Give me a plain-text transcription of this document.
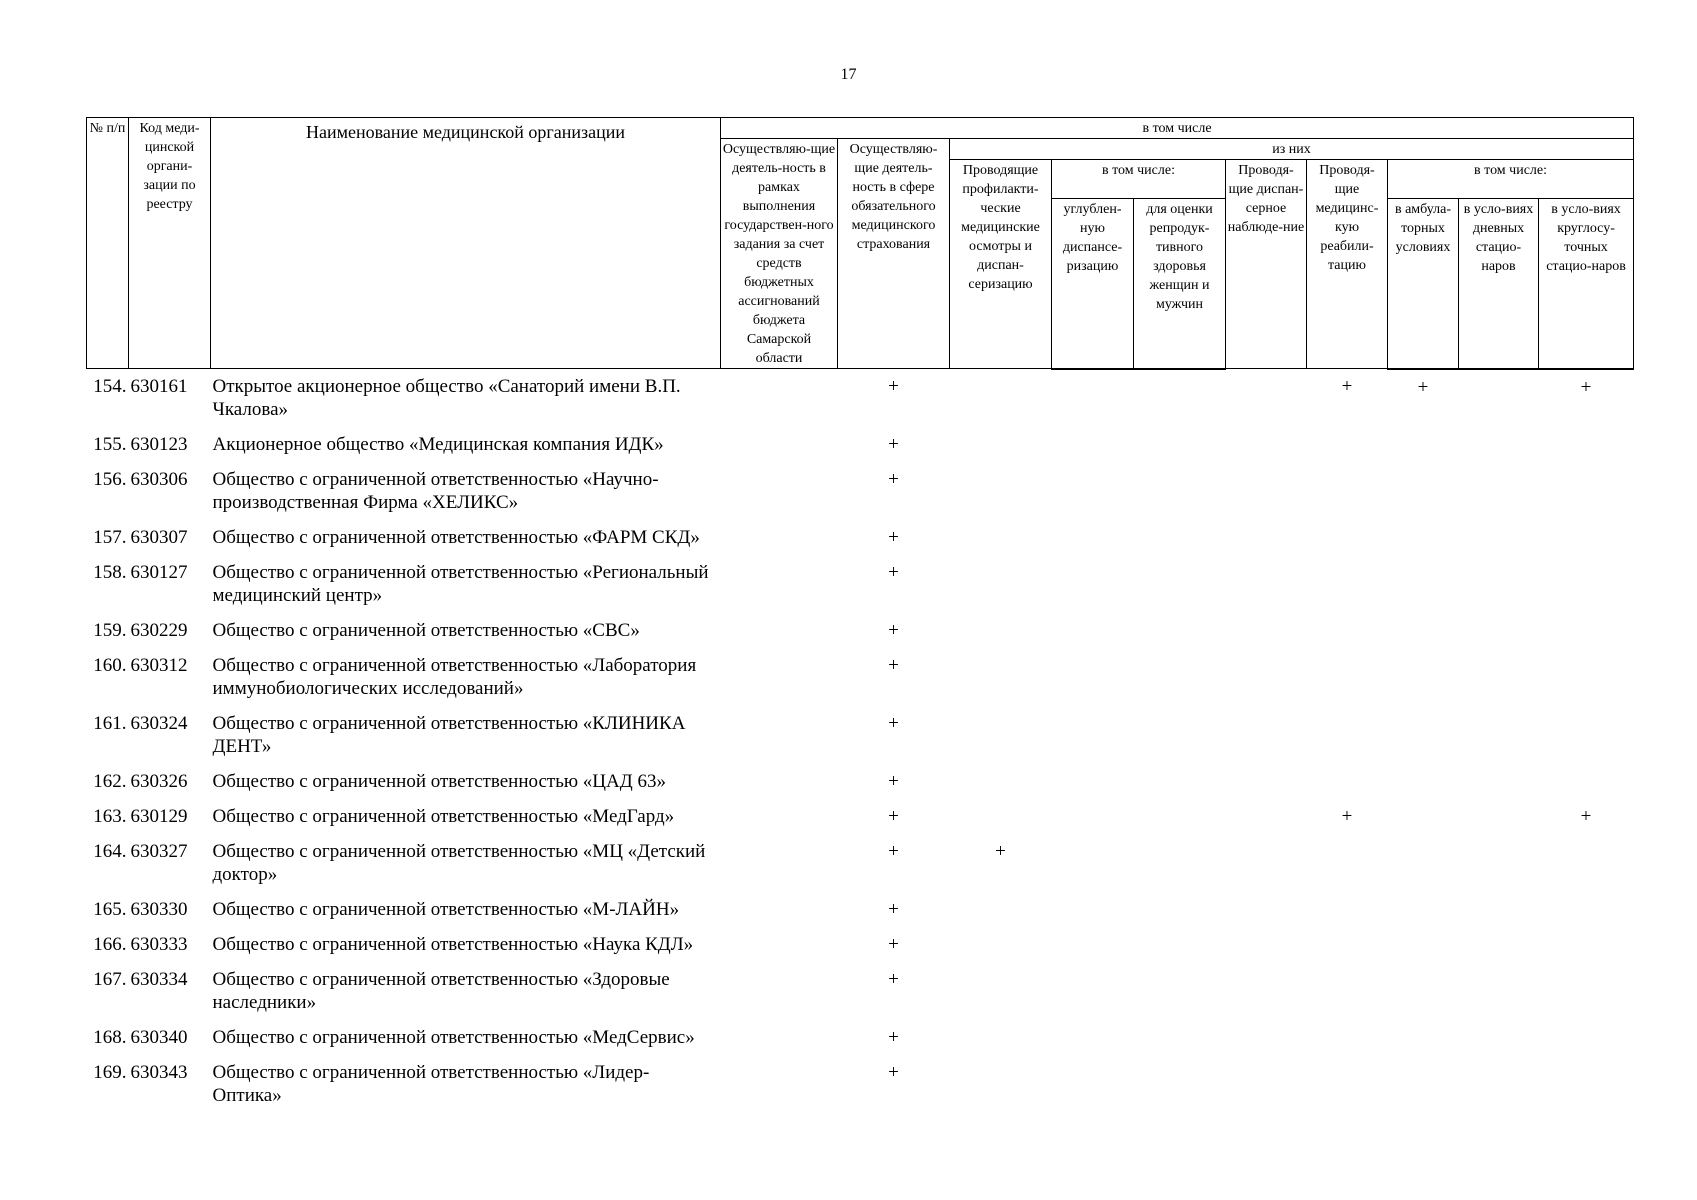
17
№ п/п	Код меди-цинской органи-зации по реестру	Наименование медицинской организации	в том числе									
			Осуществляю-щие деятель-ность в рамках выполнения государствен-ного задания за счет средств бюджетных ассигнований бюджета Самарской области	Осуществляю-щие деятель-ность в сфере обязательного медицинского страхования	из них							
					Проводящие профилакти-ческие медицинские осмотры и диспан-серизацию	в том числе:		Проводя-щие диспан-серное наблюде-ние	Проводя-щие медицинс-кую реабили-тацию	в том числе:		
						углублен-ную диспансе-ризацию	для оценки репродук-тивного здоровья женщин и мужчин			в амбула-торных условиях	в усло-виях дневных стацио-наров	в усло-виях круглосу-точных стацио-наров
154.	630161	Открытое акционерное общество «Санаторий имени В.П. Чкалова»		+					+	+		+
155.	630123	Акционерное общество «Медицинская компания ИДК»		+								
156.	630306	Общество с ограниченной ответственностью «Научно-производственная Фирма «ХЕЛИКС»		+								
157.	630307	Общество с ограниченной ответственностью «ФАРМ СКД»		+								
158.	630127	Общество с ограниченной ответственностью «Региональный медицинский центр»		+								
159.	630229	Общество с ограниченной ответственностью «СВС»		+								
160.	630312	Общество с ограниченной ответственностью «Лаборатория иммунобиологических исследований»		+								
161.	630324	Общество с ограниченной ответственностью «КЛИНИКА ДЕНТ»		+								
162.	630326	Общество с ограниченной ответственностью «ЦАД 63»		+								
163.	630129	Общество с ограниченной ответственностью «МедГард»		+					+			+
164.	630327	Общество с ограниченной ответственностью «МЦ «Детский доктор»		+	+							
165.	630330	Общество с ограниченной ответственностью «М-ЛАЙН»		+								
166.	630333	Общество с ограниченной ответственностью «Наука КДЛ»		+								
167.	630334	Общество с ограниченной ответственностью «Здоровые наследники»		+								
168.	630340	Общество с ограниченной ответственностью «МедСервис»		+								
169.	630343	Общество с ограниченной ответственностью «Лидер-Оптика»		+								
